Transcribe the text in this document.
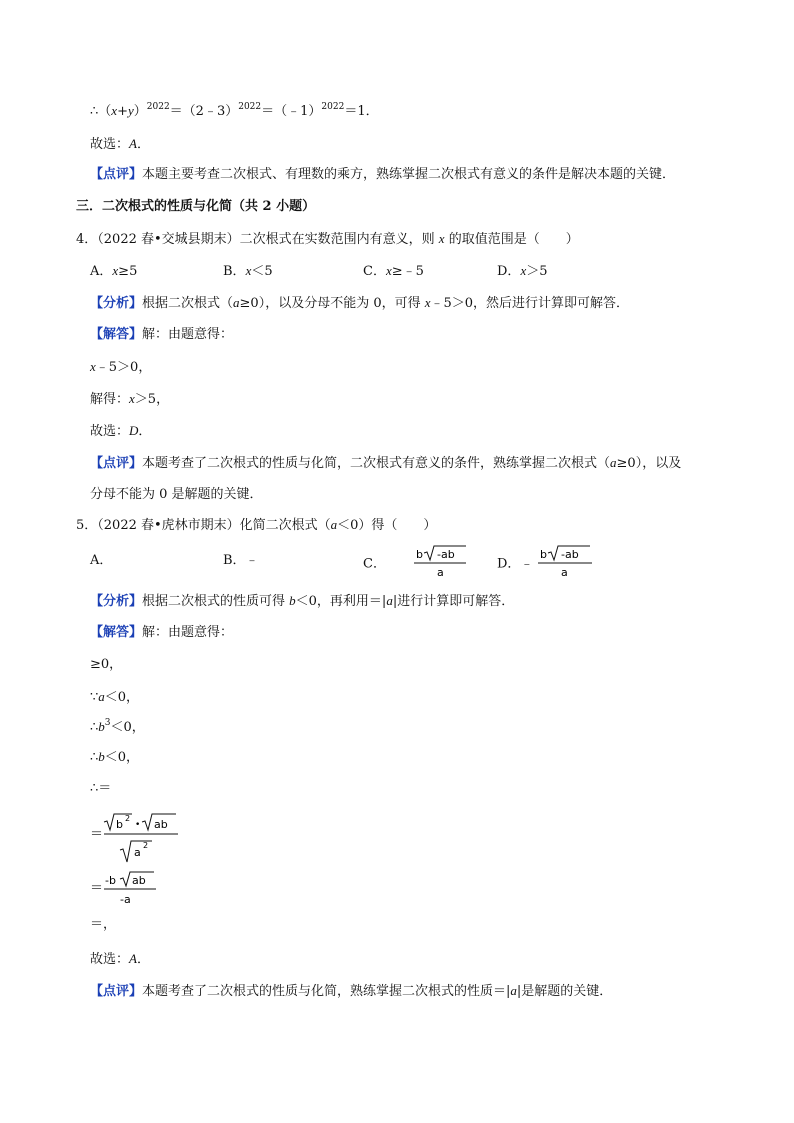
$\therefore(x+y)^{2022}=(2﹣3)^{2022}=(﹣1)^{2022}=1$．
故选：A．
【点评】本题主要考查二次根式、有理数的乘方，熟练掌握二次根式有意义的条件是解决本题的关键．
三．二次根式的性质与化简（共 2 小题）
4．（2022 春•交城县期末）二次根式在实数范围内有意义，则 x 的取值范围是（　　）
A．x≥5	B．x＜5	C．x≥﹣5	D．x＞5
【分析】根据二次根式（a≥0），以及分母不能为 0，可得 x﹣5＞0，然后进行计算即可解答．
【解答】解：由题意得：
x﹣5＞0，
解得：x＞5，
故选：D．
【点评】本题考查了二次根式的性质与化简，二次根式有意义的条件，熟练掌握二次根式（a≥0），以及
分母不能为 0 是解题的关键．
5．（2022 春•虎林市期末）化简二次根式（a＜0）得（　　）
A．	B．﹣	C．
b -ab
a
D．﹣
b -ab
a
【分析】根据二次根式的性质可得 b＜0，再利用＝|a|进行计算即可解答．
【解答】解：由题意得：
≥0，
∵a＜0，
$\therefore b^3<0$，
∴b＜0，
∴＝
＝
b 2
• ab
a
2
＝
-b ab
-a
＝，
故选：A．
【点评】本题考查了二次根式的性质与化简，熟练掌握二次根式的性质＝|a|是解题的关键．
